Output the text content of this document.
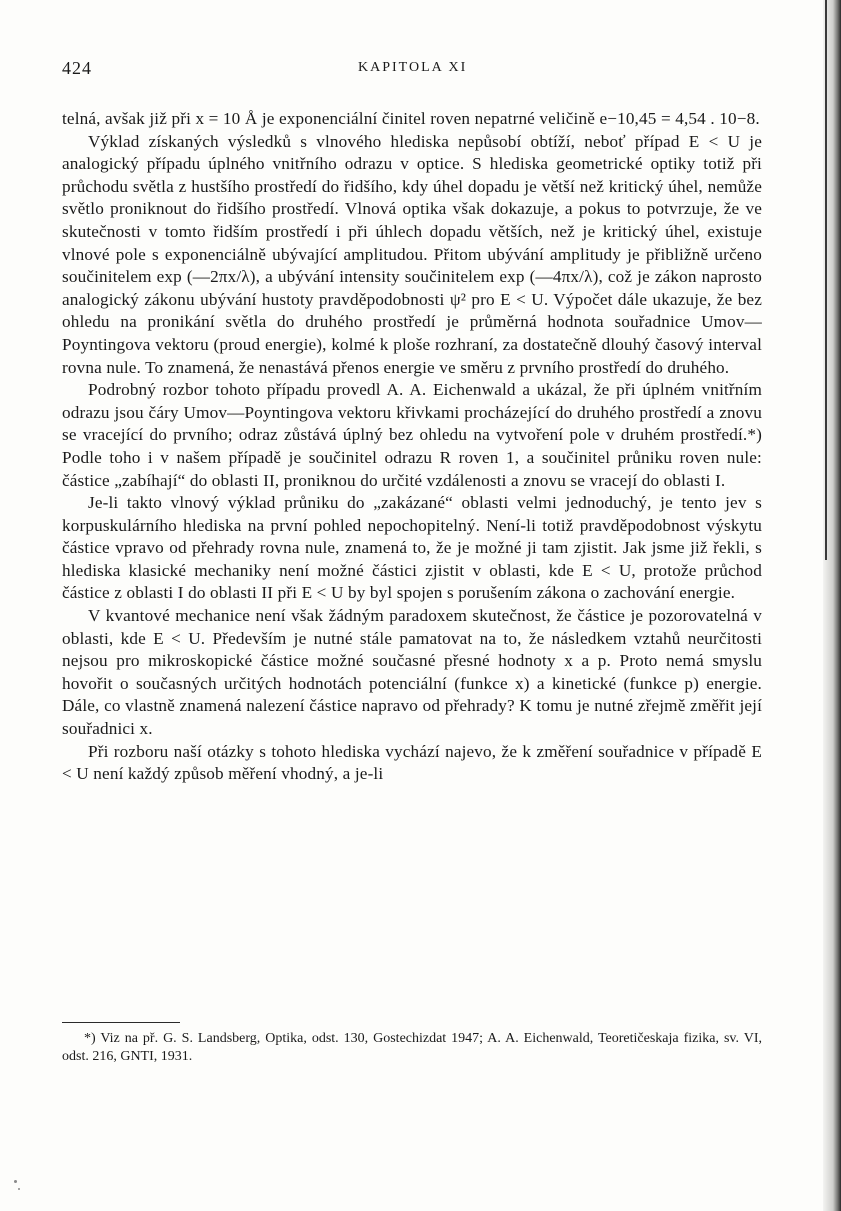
424	KAPITOLA XI

telná, avšak již při x = 10 Å je exponenciální činitel roven nepatrné veličině e−10,45 = 4,54 . 10−8.

Výklad získaných výsledků s vlnového hlediska nepůsobí obtíží, neboť případ E < U je analogický případu úplného vnitřního odrazu v optice. S hlediska geometrické optiky totiž při průchodu světla z hustšího prostředí do řidšího, kdy úhel dopadu je větší než kritický úhel, nemůže světlo proniknout do řidšího prostředí. Vlnová optika však dokazuje, a pokus to potvrzuje, že ve skutečnosti v tomto řidším prostředí i při úhlech dopadu větších, než je kritický úhel, existuje vlnové pole s exponenciálně ubývající amplitudou. Přitom ubývání amplitudy je přibližně určeno součinitelem exp (—2πx/λ), a ubývání intensity součinitelem exp (—4πx/λ), což je zákon naprosto analogický zákonu ubývání hustoty pravděpodobnosti ψ² pro E < U. Výpočet dále ukazuje, že bez ohledu na pronikání světla do druhého prostředí je průměrná hodnota souřadnice Umov—Poyntingova vektoru (proud energie), kolmé k ploše rozhraní, za dostatečně dlouhý časový interval rovna nule. To znamená, že nenastává přenos energie ve směru z prvního prostředí do druhého.

Podrobný rozbor tohoto případu provedl A. A. Eichenwald a ukázal, že při úplném vnitřním odrazu jsou čáry Umov—Poyntingova vektoru křivkami procházející do druhého prostředí a znovu se vracející do prvního; odraz zůstává úplný bez ohledu na vytvoření pole v druhém prostředí.*) Podle toho i v našem případě je součinitel odrazu R roven 1, a součinitel průniku roven nule: částice „zabíhají“ do oblasti II, proniknou do určité vzdálenosti a znovu se vracejí do oblasti I.

Je-li takto vlnový výklad průniku do „zakázané“ oblasti velmi jednoduchý, je tento jev s korpuskulárního hlediska na první pohled nepochopitelný. Není-li totiž pravděpodobnost výskytu částice vpravo od přehrady rovna nule, znamená to, že je možné ji tam zjistit. Jak jsme již řekli, s hlediska klasické mechaniky není možné částici zjistit v oblasti, kde E < U, protože průchod částice z oblasti I do oblasti II při E < U by byl spojen s porušením zákona o zachování energie.

V kvantové mechanice není však žádným paradoxem skutečnost, že částice je pozorovatelná v oblasti, kde E < U. Především je nutné stále pamatovat na to, že následkem vztahů neurčitosti nejsou pro mikroskopické částice možné současné přesné hodnoty x a p. Proto nemá smyslu hovořit o současných určitých hodnotách potenciální (funkce x) a kinetické (funkce p) energie. Dále, co vlastně znamená nalezení částice napravo od přehrady? K tomu je nutné zřejmě změřit její souřadnici x.

Při rozboru naší otázky s tohoto hlediska vychází najevo, že k změření souřadnice v případě E < U není každý způsob měření vhodný, a je-li

*) Viz na př. G. S. Landsberg, Optika, odst. 130, Gostechizdat 1947; A. A. Eichenwald, Teoretičeskaja fizika, sv. VI, odst. 216, GNTI, 1931.
